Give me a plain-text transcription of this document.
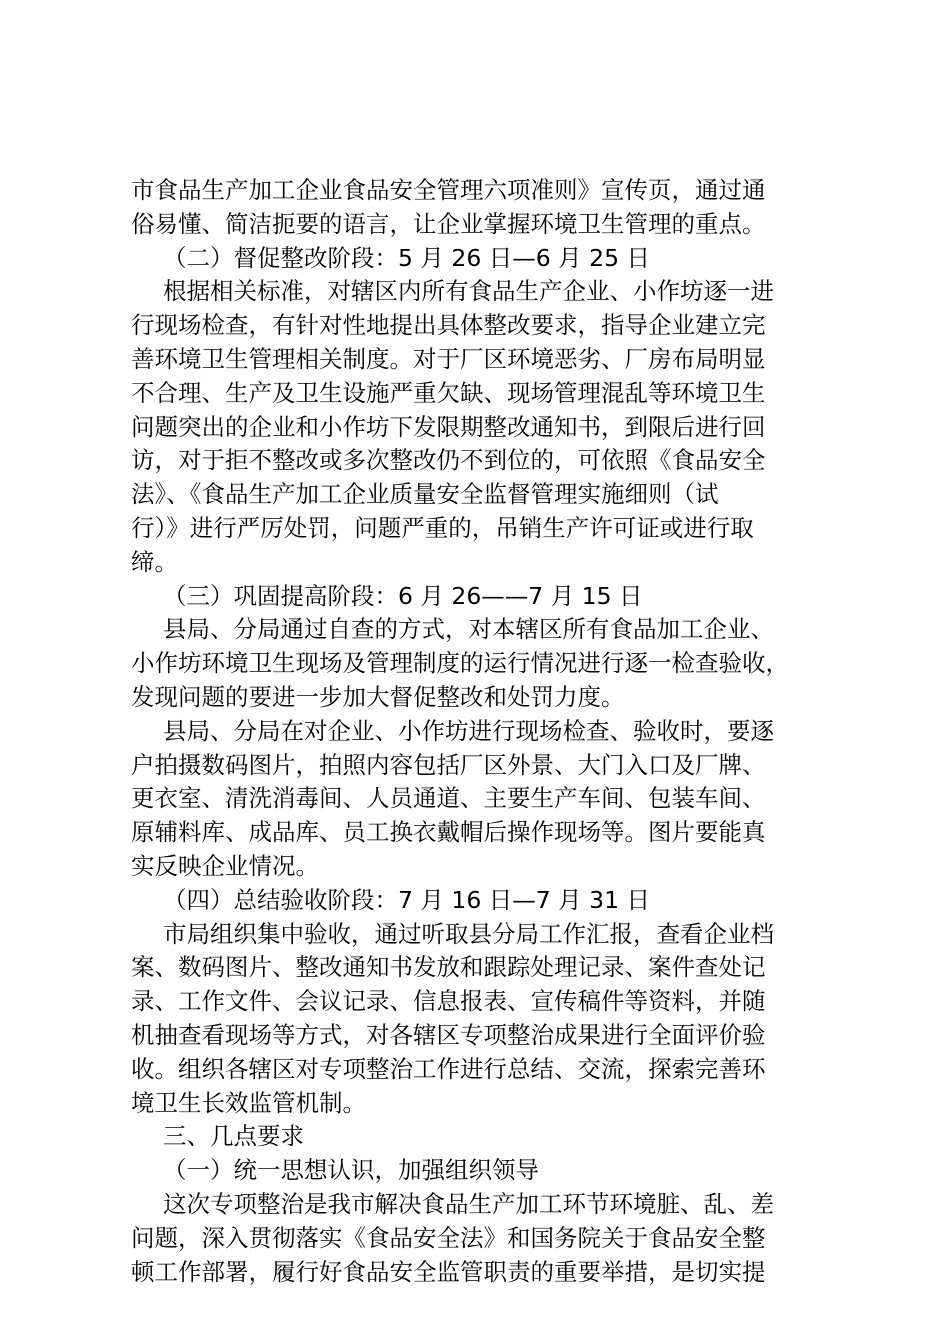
市食品生产加工企业食品安全管理六项准则》宣传页，通过通
俗易懂、简洁扼要的语言，让企业掌握环境卫生管理的重点。
（二）督促整改阶段：5 月 26 日—6 月 25 日
根据相关标准，对辖区内所有食品生产企业、小作坊逐一进
行现场检查，有针对性地提出具体整改要求，指导企业建立完
善环境卫生管理相关制度。对于厂区环境恶劣、厂房布局明显
不合理、生产及卫生设施严重欠缺、现场管理混乱等环境卫生
问题突出的企业和小作坊下发限期整改通知书，到限后进行回
访，对于拒不整改或多次整改仍不到位的，可依照《食品安全
法》、《食品生产加工企业质量安全监督管理实施细则（试
行）》进行严厉处罚，问题严重的，吊销生产许可证或进行取
缔。
（三）巩固提高阶段：6 月 26——7 月 15 日
县局、分局通过自查的方式，对本辖区所有食品加工企业、
小作坊环境卫生现场及管理制度的运行情况进行逐一检查验收，
发现问题的要进一步加大督促整改和处罚力度。
县局、分局在对企业、小作坊进行现场检查、验收时，要逐
户拍摄数码图片，拍照内容包括厂区外景、大门入口及厂牌、
更衣室、清洗消毒间、人员通道、主要生产车间、包装车间、
原辅料库、成品库、员工换衣戴帽后操作现场等。图片要能真
实反映企业情况。
（四）总结验收阶段：7 月 16 日—7 月 31 日
市局组织集中验收，通过听取县分局工作汇报，查看企业档
案、数码图片、整改通知书发放和跟踪处理记录、案件查处记
录、工作文件、会议记录、信息报表、宣传稿件等资料，并随
机抽查看现场等方式，对各辖区专项整治成果进行全面评价验
收。组织各辖区对专项整治工作进行总结、交流，探索完善环
境卫生长效监管机制。
三、几点要求
（一）统一思想认识，加强组织领导
这次专项整治是我市解决食品生产加工环节环境脏、乱、差
问题，深入贯彻落实《食品安全法》和国务院关于食品安全整
顿工作部署，履行好食品安全监管职责的重要举措，是切实提
